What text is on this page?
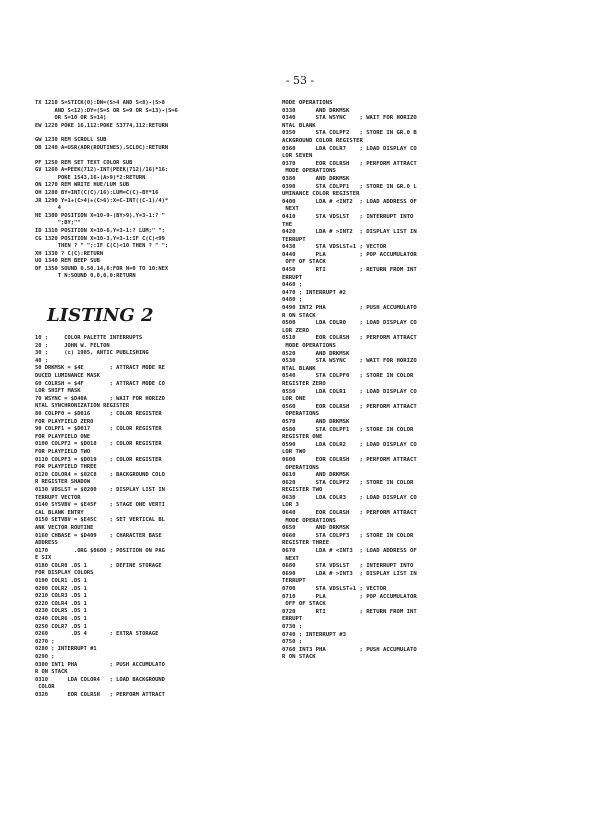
- 53 -
TX 1210 S=STICK(0):DN=(S>4 AND S<8)-(S>8
AND S<12):DY=(S=5 OR S=9 OR S=13)-(S=6
OR S=10 OR S=14)
EW 1220 POKE 16,112:POKE 53774,112:RETURN
GW 1230 REM SCROLL SUB
DB 1240 A=USR(ADR(ROUTINES),SCLOC):RETURN
PF 1250 REM SET TEXT COLOR SUB
GV 1260 A=PEEK(712)-INT(PEEK(712)/16)*16:
POKE 1543,16-(A>9)*2:RETURN
ON 1270 REM WRITE HUE/LUM SUB
OH 1280 BY=INT(C(C)/16):LUM=C(C)-BY*16
JR 1290 Y=1+(C>4)+(C>6):X=C-INT((C-1)/4)*
4
HE 1300 POSITION X=10-9-(BY>9),Y=3-1:? "
";BY;""
ID 1310 POSITION X=10-6,Y=3-1:? LUM;" ";
CG 1320 POSITION X=10-3,Y=3-1:IF C(C)<99
THEN ? " ";:IF C(C)<10 THEN ? " ";
XH 1330 ? C(C):RETURN
UO 1340 REM BEEP SUB
DF 1350 SOUND 0,50,14,6:FOR N=0 TO 10:NEX
T N:SOUND 0,0,0,0:RETURN
LISTING 2
10 ;     COLOR PALETTE INTERRUPTS
20 ;     JOHN W. FELTON
30 ;     (c) 1985, ANTIC PUBLISHING
40 ;
50 DRKMSK = $4E        ; ATTRACT MODE RE
DUCED LUMINANCE MASK
60 COLRSH = $4F        ; ATTRACT MODE CO
LOR SHIFT MASK
70 WSYNC = $D40A       ; WAIT FOR HORIZO
NTAL SYNCHRONIZATION REGISTER
80 COLPF0 = $D016      ; COLOR REGISTER
FOR PLAYFIELD ZERO
90 COLPF1 = $D017      ; COLOR REGISTER
FOR PLAYFIELD ONE
0100 COLPF2 = $D018    ; COLOR REGISTER
FOR PLAYFIELD TWO
0110 COLPF3 = $D019    ; COLOR REGISTER
FOR PLAYFIELD THREE
0120 COLOR4 = $02C8    ; BACKGROUND COLO
R REGISTER SHADOW
0130 VDSLST = $0200    ; DISPLAY LIST IN
TERRUPT VECTOR
0140 SYSVBV = $E45F    ; STAGE ONE VERTI
CAL BLANK ENTRY
0150 SETVBV = $E45C    ; SET VERTICAL BL
ANK VECTOR ROUTINE
0160 CHBASE = $D409    ; CHARACTER BASE
ADDRESS
0170        .ORG $0600 ; POSITION ON PAG
E SIX
0180 COLR0 .DS 1       ; DEFINE STORAGE
FOR DISPLAY COLORS
0190 COLR1 .DS 1
0200 COLR2 .DS 1
0210 COLR3 .DS 1
0220 COLR4 .DS 1
0230 COLR5 .DS 1
0240 COLR6 .DS 1
0250 COLR7 .DS 1
0260       .DS 4       ; EXTRA STORAGE
0270 ;
0280 ; INTERRUPT #1
0290 ;
0300 INT1 PHA          ; PUSH ACCUMULATO
R ON STACK
0310      LDA COLOR4   ; LOAD BACKGROUND
COLOR
0320      EOR COLRSH   ; PERFORM ATTRACT
MODE OPERATIONS
0330      AND DRKMSK
0340      STA WSYNC    ; WAIT FOR HORIZO
NTAL BLANK
0350      STA COLPF2   ; STORE IN GR.0 B
ACKGROUND COLOR REGISTER
0360      LDA COLR7    ; LOAD DISPLAY CO
LOR SEVEN
0370      EOR COLRSH   ; PERFORM ATTRACT
MODE OPERATIONS
0380      AND DRKMSK
0390      STA COLPF1   ; STORE IN GR.0 L
UMINANCE COLOR REGISTER
0400      LDA # <INT2  ; LOAD ADDRESS OF
NEXT
0410      STA VDSLST   ; INTERRUPT INTO
THE
0420      LDA # >INT2  ; DISPLAY LIST IN
TERRUPT
0430      STA VDSLST+1 ; VECTOR
0440      PLA          ; POP ACCUMULATOR
OFF OF STACK
0450      RTI          ; RETURN FROM INT
ERRUPT
0460 ;
0470 ; INTERRUPT #2
0480 ;
0490 INT2 PHA          ; PUSH ACCUMULATO
R ON STACK
0500      LDA COLR0    ; LOAD DISPLAY CO
LOR ZERO
0510      EOR COLRSH   ; PERFORM ATTRACT
MODE OPERATIONS
0520      AND DRKMSK
0530      STA WSYNC    ; WAIT FOR HORIZO
NTAL BLANK
0540      STA COLPF0   ; STORE IN COLOR
REGISTER ZERO
0550      LDA COLR1    ; LOAD DISPLAY CO
LOR ONE
0560      EOR COLRSH   ; PERFORM ATTRACT
OPERATIONS
0570      AND DRKMSK
0580      STA COLPF1   ; STORE IN COLOR
REGISTER ONE
0590      LDA COLR2    ; LOAD DISPLAY CO
LOR TWO
0600      EOR COLRSH   ; PERFORM ATTRACT
OPERATIONS
0610      AND DRKMSK
0620      STA COLPF2   ; STORE IN COLOR
REGISTER TWO
0630      LDA COLR3    ; LOAD DISPLAY CO
LOR 3
0640      EOR COLRSH   ; PERFORM ATTRACT
MODE OPERATIONS
0650      AND DRKMSK
0660      STA COLPF3   ; STORE IN COLOR
REGISTER THREE
0670      LDA # <INT3  ; LOAD ADDRESS OF
NEXT
0680      STA VDSLST   ; INTERRUPT INTO
0690      LDA # >INT3  ; DISPLAY LIST IN
TERRUPT
0700      STA VDSLST+1 ; VECTOR
0710      PLA          ; POP ACCUMULATOR
OFF OF STACK
0720      RTI          ; RETURN FROM INT
ERRUPT
0730 ;
0740 ; INTERRUPT #3
0750 ;
0760 INT3 PHA          ; PUSH ACCUMULATO
R ON STACK
